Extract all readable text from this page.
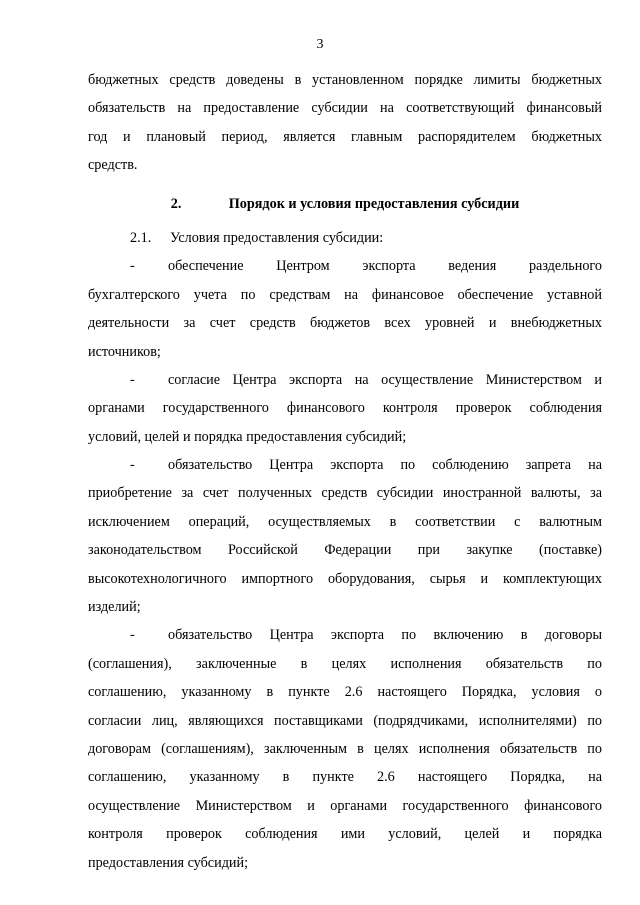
3
бюджетных средств доведены в установленном порядке лимиты бюджетных
обязательств на предоставление субсидии на соответствующий финансовый
год и плановый период, является главным распорядителем бюджетных
средств.
2.	Порядок и условия предоставления субсидии
2.1. Условия предоставления субсидии:
- обеспечение Центром экспорта ведения раздельного
бухгалтерского учета по средствам на финансовое обеспечение уставной
деятельности за счет средств бюджетов всех уровней и внебюджетных
источников;
- согласие Центра экспорта на осуществление Министерством и
органами государственного финансового контроля проверок соблюдения
условий, целей и порядка предоставления субсидий;
- обязательство Центра экспорта по соблюдению запрета на
приобретение за счет полученных средств субсидии иностранной валюты, за
исключением операций, осуществляемых в соответствии с валютным
законодательством Российской Федерации при закупке (поставке)
высокотехнологичного импортного оборудования, сырья и комплектующих
изделий;
- обязательство Центра экспорта по включению в договоры
(соглашения), заключенные в целях исполнения обязательств по
соглашению, указанному в пункте 2.6 настоящего Порядка, условия о
согласии лиц, являющихся поставщиками (подрядчиками, исполнителями) по
договорам (соглашениям), заключенным в целях исполнения обязательств по
соглашению, указанному в пункте 2.6 настоящего Порядка, на
осуществление Министерством и органами государственного финансового
контроля проверок соблюдения ими условий, целей и порядка
предоставления субсидий;
